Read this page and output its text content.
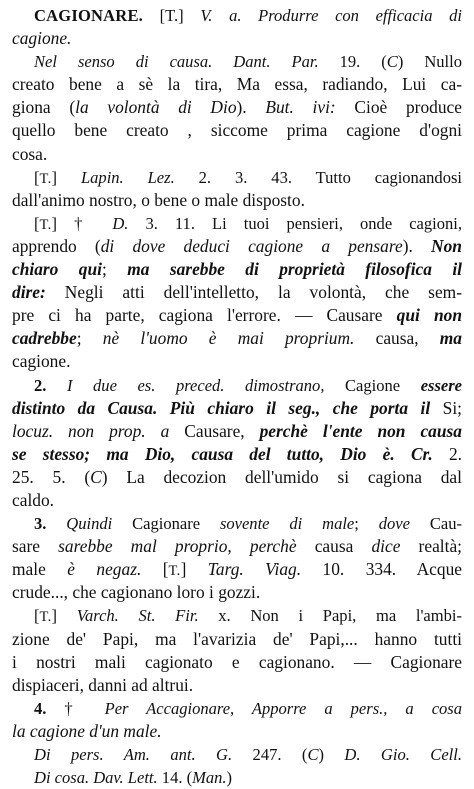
CAGIONARE. [T.] V. a. Produrre con efficacia di
cagione.
Nel senso di causa. Dant. Par. 19. (C) Nullo
creato bene a sè la tira, Ma essa, radiando, Lui ca-
giona (la volontà di Dio). But. ivi: Cioè produce
quello bene creato , siccome prima cagione d'ogni
cosa.
[T.] Lapin. Lez. 2. 3. 43. Tutto cagionandosi
dall'animo nostro, o bene o male disposto.
[T.] † D. 3. 11. Li tuoi pensieri, onde cagioni,
apprendo (di dove deduci cagione a pensare). Non
chiaro qui; ma sarebbe di proprietà filosofica il
dire: Negli atti dell'intelletto, la volontà, che sem-
pre ci ha parte, cagiona l'errore. — Causare qui non
cadrebbe; nè l'uomo è mai proprium. causa, ma
cagione.
2. I due es. preced. dimostrano, Cagione essere
distinto da Causa. Più chiaro il seg., che porta il Si;
locuz. non prop. a Causare, perchè l'ente non causa
se stesso; ma Dio, causa del tutto, Dio è. Cr. 2.
25. 5. (C) La decozion dell'umido si cagiona dal
caldo.
3. Quindi Cagionare sovente di male; dove Cau-
sare sarebbe mal proprio, perchè causa dice realtà;
male è negaz. [T.] Targ. Viag. 10. 334. Acque
crude..., che cagionano loro i gozzi.
[T.] Varch. St. Fir. x. Non i Papi, ma l'ambi-
zione de' Papi, ma l'avarizia de' Papi,... hanno tutti
i nostri mali cagionato e cagionano. — Cagionare
dispiaceri, danni ad altrui.
4. † Per Accagionare, Apporre a pers., a cosa
la cagione d'un male.
Di pers. Am. ant. G. 247. (C) D. Gio. Cell.
Di cosa. Dav. Lett. 14. (Man.)
